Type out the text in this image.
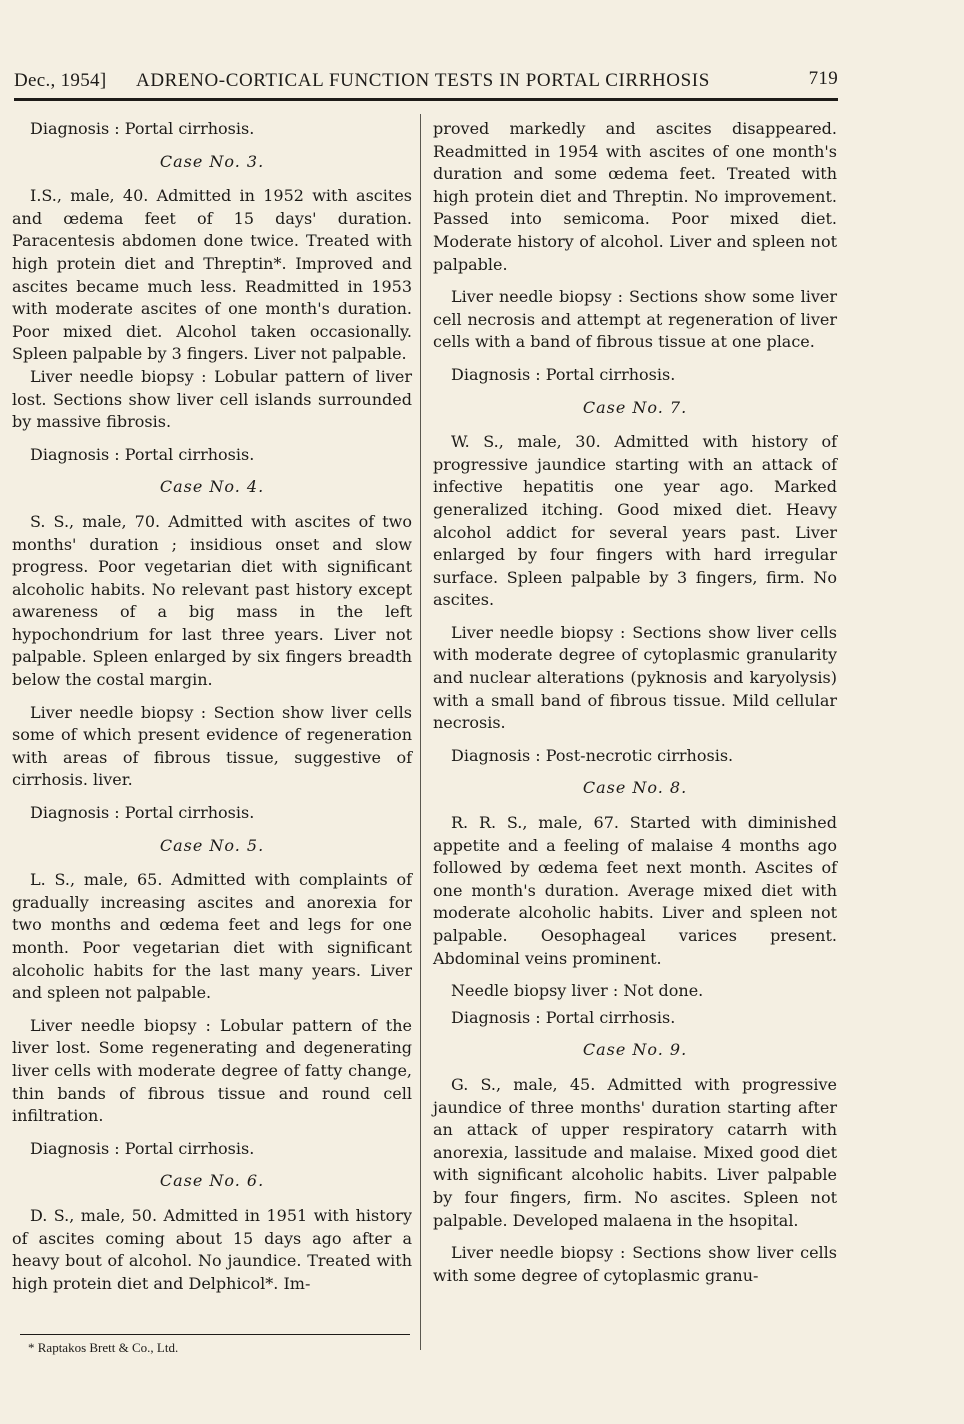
Dec., 1954] ADRENO-CORTICAL FUNCTION TESTS IN PORTAL CIRRHOSIS	719

Diagnosis : Portal cirrhosis.

Case No. 3.

I.S., male, 40. Admitted in 1952 with ascites and œdema feet of 15 days' duration. Paracentesis abdomen done twice. Treated with high protein diet and Threptin*. Improved and ascites became much less. Readmitted in 1953 with moderate ascites of one month's duration. Poor mixed diet. Alcohol taken occasionally. Spleen palpable by 3 fingers. Liver not palpable.

Liver needle biopsy : Lobular pattern of liver lost. Sections show liver cell islands surrounded by massive fibrosis.

Diagnosis : Portal cirrhosis.

Case No. 4.

S. S., male, 70. Admitted with ascites of two months' duration ; insidious onset and slow progress. Poor vegetarian diet with significant alcoholic habits. No relevant past history except awareness of a big mass in the left hypochondrium for last three years. Liver not palpable. Spleen enlarged by six fingers breadth below the costal margin.

Liver needle biopsy : Section show liver cells some of which present evidence of regeneration with areas of fibrous tissue, suggestive of cirrhosis. liver.

Diagnosis : Portal cirrhosis.

Case No. 5.

L. S., male, 65. Admitted with complaints of gradually increasing ascites and anorexia for two months and œdema feet and legs for one month. Poor vegetarian diet with significant alcoholic habits for the last many years. Liver and spleen not palpable.

Liver needle biopsy : Lobular pattern of the liver lost. Some regenerating and degenerating liver cells with moderate degree of fatty change, thin bands of fibrous tissue and round cell infiltration.

Diagnosis : Portal cirrhosis.

Case No. 6.

D. S., male, 50. Admitted in 1951 with history of ascites coming about 15 days ago after a heavy bout of alcohol. No jaundice. Treated with high protein diet and Delphicol*. Im-

proved markedly and ascites disappeared. Readmitted in 1954 with ascites of one month's duration and some œdema feet. Treated with high protein diet and Threptin. No improvement. Passed into semicoma. Poor mixed diet. Moderate history of alcohol. Liver and spleen not palpable.

Liver needle biopsy : Sections show some liver cell necrosis and attempt at regeneration of liver cells with a band of fibrous tissue at one place.

Diagnosis : Portal cirrhosis.

Case No. 7.

W. S., male, 30. Admitted with history of progressive jaundice starting with an attack of infective hepatitis one year ago. Marked generalized itching. Good mixed diet. Heavy alcohol addict for several years past. Liver enlarged by four fingers with hard irregular surface. Spleen palpable by 3 fingers, firm. No ascites.

Liver needle biopsy : Sections show liver cells with moderate degree of cytoplasmic granularity and nuclear alterations (pyknosis and karyolysis) with a small band of fibrous tissue. Mild cellular necrosis.

Diagnosis : Post-necrotic cirrhosis.

Case No. 8.

R. R. S., male, 67. Started with diminished appetite and a feeling of malaise 4 months ago followed by œdema feet next month. Ascites of one month's duration. Average mixed diet with moderate alcoholic habits. Liver and spleen not palpable. Oesophageal varices present. Abdominal veins prominent.

Needle biopsy liver : Not done.

Diagnosis : Portal cirrhosis.

Case No. 9.

G. S., male, 45. Admitted with progressive jaundice of three months' duration starting after an attack of upper respiratory catarrh with anorexia, lassitude and malaise. Mixed good diet with significant alcoholic habits. Liver palpable by four fingers, firm. No ascites. Spleen not palpable. Developed malaena in the hsopital.

Liver needle biopsy : Sections show liver cells with some degree of cytoplasmic granu-

* Raptakos Brett & Co., Ltd.
